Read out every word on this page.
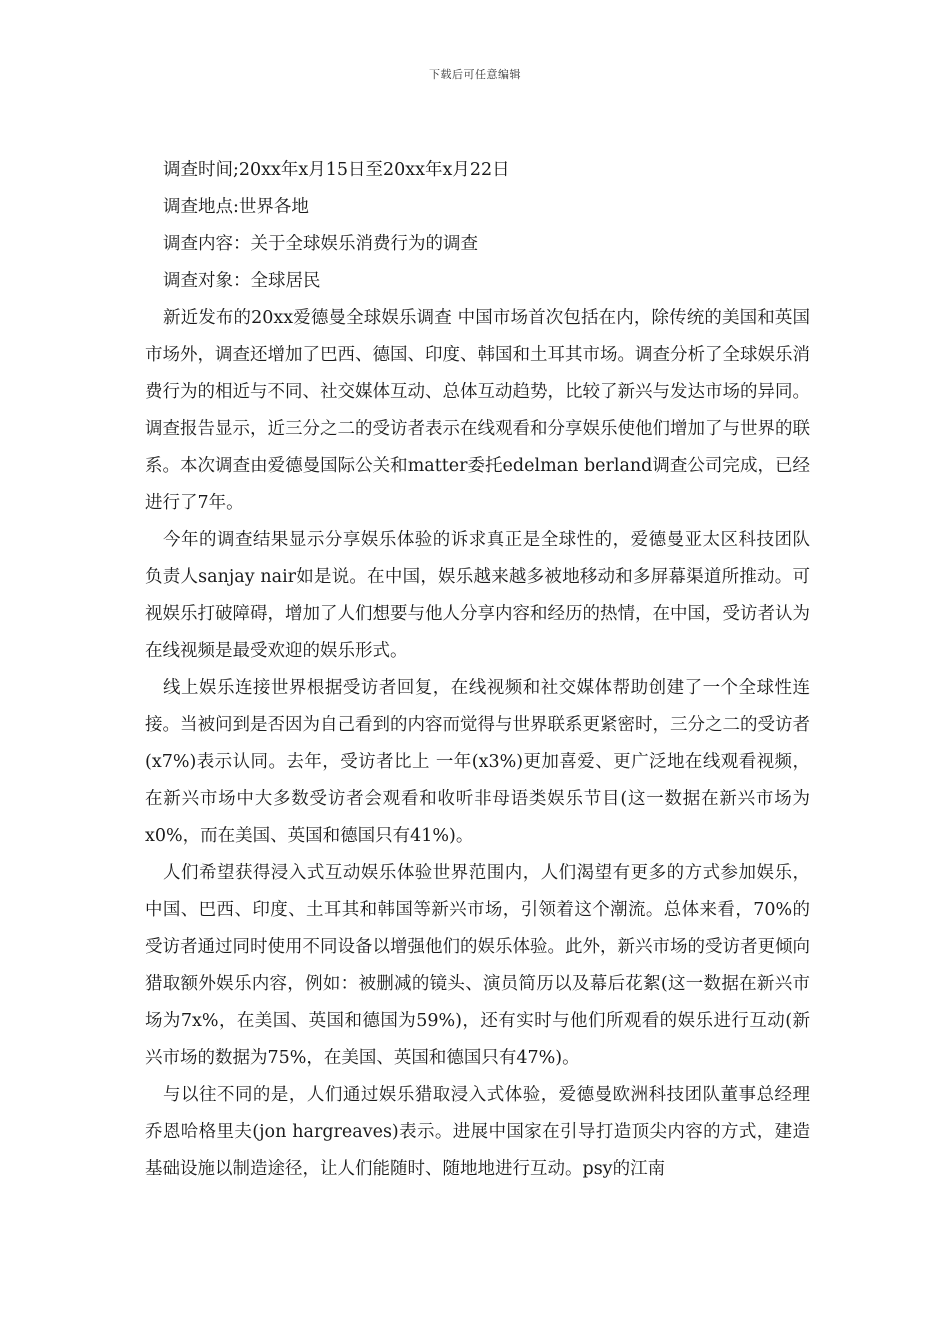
下载后可任意编辑

调查时间;20xx年x月15日至20xx年x月22日

调查地点:世界各地

调查内容：关于全球娱乐消费行为的调查

调查对象：全球居民

新近发布的20xx爱德曼全球娱乐调查 中国市场首次包括在内，除传统的美国和英国市场外，调查还增加了巴西、德国、印度、韩国和土耳其市场。调查分析了全球娱乐消费行为的相近与不同、社交媒体互动、总体互动趋势，比较了新兴与发达市场的异同。调查报告显示，近三分之二的受访者表示在线观看和分享娱乐使他们增加了与世界的联系。本次调查由爱德曼国际公关和matter委托edelman berland调查公司完成，已经进行了7年。

今年的调查结果显示分享娱乐体验的诉求真正是全球性的，爱德曼亚太区科技团队负责人sanjay nair如是说。在中国，娱乐越来越多被地移动和多屏幕渠道所推动。可视娱乐打破障碍，增加了人们想要与他人分享内容和经历的热情，在中国，受访者认为在线视频是最受欢迎的娱乐形式。

线上娱乐连接世界根据受访者回复，在线视频和社交媒体帮助创建了一个全球性连接。当被问到是否因为自己看到的内容而觉得与世界联系更紧密时，三分之二的受访者(x7%)表示认同。去年，受访者比上 一年(x3%)更加喜爱、更广泛地在线观看视频，在新兴市场中大多数受访者会观看和收听非母语类娱乐节目(这一数据在新兴市场为x0%，而在美国、英国和德国只有41%)。

人们希望获得浸入式互动娱乐体验世界范围内，人们渴望有更多的方式参加娱乐，中国、巴西、印度、土耳其和韩国等新兴市场，引领着这个潮流。总体来看，70%的受访者通过同时使用不同设备以增强他们的娱乐体验。此外，新兴市场的受访者更倾向猎取额外娱乐内容，例如：被删减的镜头、演员简历以及幕后花絮(这一数据在新兴市场为7x%，在美国、英国和德国为59%)，还有实时与他们所观看的娱乐进行互动(新兴市场的数据为75%，在美国、英国和德国只有47%)。

与以往不同的是，人们通过娱乐猎取浸入式体验，爱德曼欧洲科技团队董事总经理乔恩哈格里夫(jon hargreaves)表示。进展中国家在引导打造顶尖内容的方式，建造基础设施以制造途径，让人们能随时、随地地进行互动。psy的江南
